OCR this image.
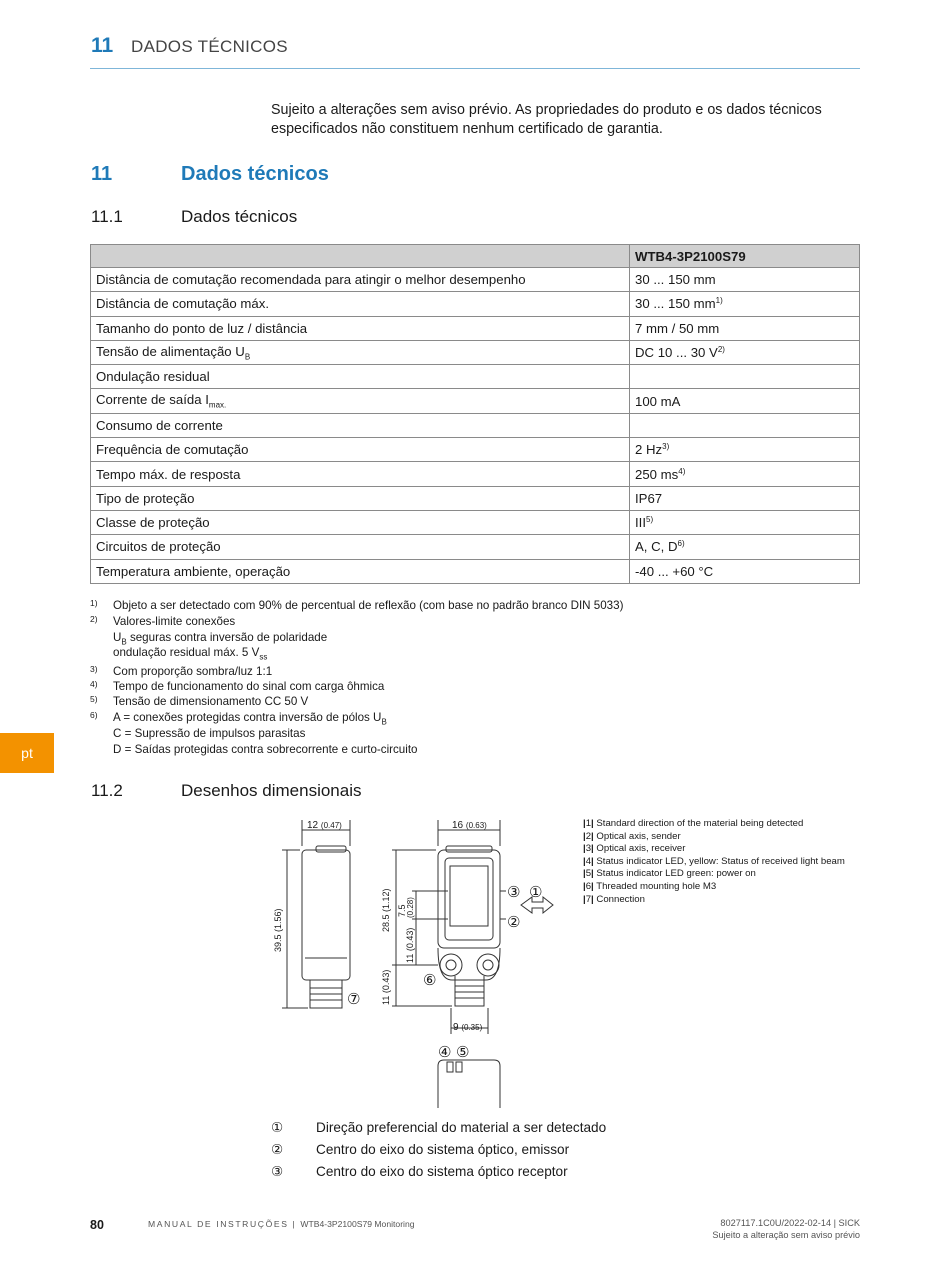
11 DADOS TÉCNICOS
Sujeito a alterações sem aviso prévio. As propriedades do produto e os dados técnicos especificados não constituem nenhum certificado de garantia.
11	Dados técnicos
11.1	Dados técnicos
	WTB4-3P2100S79
Distância de comutação recomendada para atingir o melhor desempenho	30 ... 150 mm
Distância de comutação máx.	30 ... 150 $mm^{1)}$
Tamanho do ponto de luz / distância	7 mm / 50 mm
Tensão de alimentação $U_B$	DC 10 ... 30 $V^{2)}$
Ondulação residual	
Corrente de saída $I_{max.}$	100 mA
Consumo de corrente	
Frequência de comutação	2 Hz$^{3)}$
Tempo máx. de resposta	250 $ms^{4)}$
Tipo de proteção	IP67
Classe de proteção	III$^{5)}$
Circuitos de proteção	A, C, $D^{6)}$
Temperatura ambiente, operação	-40 ... +60 °C
1) Objeto a ser detectado com 90% de percentual de reflexão (com base no padrão branco DIN 5033)
2) Valores-limite conexões
$U_B$ seguras contra inversão de polaridade
ondulação residual máx. 5 $V_{ss}$
3) Com proporção sombra/luz 1:1
4) Tempo de funcionamento do sinal com carga ôhmica
5) Tensão de dimensionamento CC 50 V
6) A = conexões protegidas contra inversão de pólos $U_B$
C = Supressão de impulsos parasitas
D = Saídas protegidas contra sobrecorrente e curto-circuito
pt
11.2	Desenhos dimensionais
12 (0.47)	16 (0.63)
39.5 (1.56)	28.5 (1.12) 7.5 (0.28)
11 (0.43)
11 (0.43)
9 (0.35)
③ ①
②
⑥
⑦
④ ⑤
|1| Standard direction of the material being detected
|2| Optical axis, sender
|3| Optical axis, receiver
|4| Status indicator LED, yellow: Status of received light beam
|5| Status indicator LED green: power on
|6| Threaded mounting hole M3
|7| Connection
① Direção preferencial do material a ser detectado
② Centro do eixo do sistema óptico, emissor
③ Centro do eixo do sistema óptico receptor
80	MANUAL DE INSTRUÇÕES | WTB4-3P2100S79 Monitoring	8027117.1C0U/2022-02-14 | SICK
Sujeito a alteração sem aviso prévio
